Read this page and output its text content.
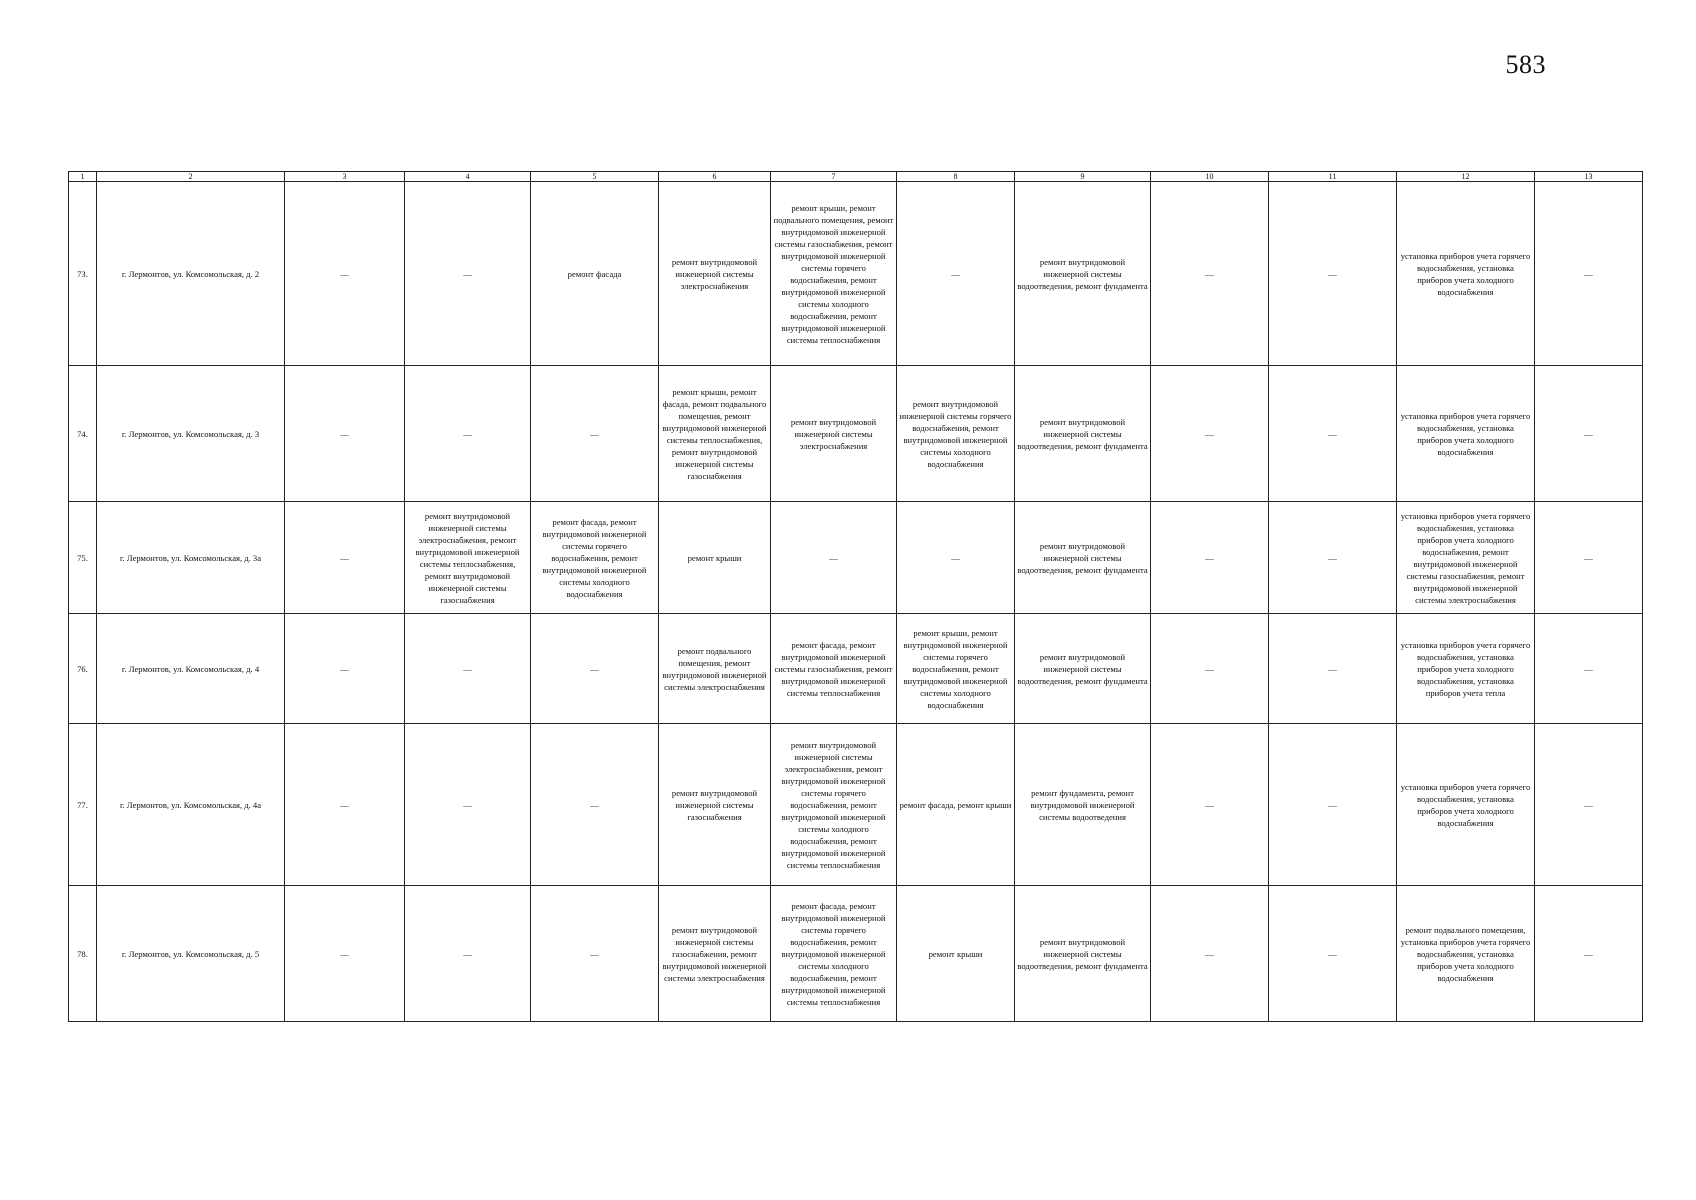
583
1	2	3	4	5	6	7	8	9	10	11	12	13
73.	г. Лермонтов, ул. Комсомольская, д. 2	—	—	ремонт фасада	ремонт внутридомовой инженерной системы электроснабжения	ремонт крыши, ремонт подвального помещения, ремонт внутридомовой инженерной системы газоснабжения, ремонт внутридомовой инженерной системы горячего водоснабжения, ремонт внутридомовой инженерной системы холодного водоснабжения, ремонт внутридомовой инженерной системы теплоснабжения	—	ремонт внутридомовой инженерной системы водоотведения, ремонт фундамента	—	—	установка приборов учета горячего водоснабжения, установка приборов учета холодного водоснабжения	—
74.	г. Лермонтов, ул. Комсомольская, д. 3	—	—	—	ремонт крыши, ремонт фасада, ремонт подвального помещения, ремонт внутридомовой инженерной системы теплоснабжения, ремонт внутридомовой инженерной системы газоснабжения	ремонт внутридомовой инженерной системы электроснабжения	ремонт внутридомовой инженерной системы горячего водоснабжения, ремонт внутридомовой инженерной системы холодного водоснабжения	ремонт внутридомовой инженерной системы водоотведения, ремонт фундамента	—	—	установка приборов учета горячего водоснабжения, установка приборов учета холодного водоснабжения	—
75.	г. Лермонтов, ул. Комсомольская, д. 3а	—	ремонт внутридомовой инженерной системы электроснабжения, ремонт внутридомовой инженерной системы теплоснабжения, ремонт внутридомовой инженерной системы газоснабжения	ремонт фасада, ремонт внутридомовой инженерной системы горячего водоснабжения, ремонт внутридомовой инженерной системы холодного водоснабжения	ремонт крыши	—	—	ремонт внутридомовой инженерной системы водоотведения, ремонт фундамента	—	—	установка приборов учета горячего водоснабжения, установка приборов учета холодного водоснабжения, ремонт внутридомовой инженерной системы газоснабжения, ремонт внутридомовой инженерной системы электроснабжения	—
76.	г. Лермонтов, ул. Комсомольская, д. 4	—	—	—	ремонт подвального помещения, ремонт внутридомовой инженерной системы электроснабжения	ремонт фасада, ремонт внутридомовой инженерной системы газоснабжения, ремонт внутридомовой инженерной системы теплоснабжения	ремонт крыши, ремонт внутридомовой инженерной системы горячего водоснабжения, ремонт внутридомовой инженерной системы холодного водоснабжения	ремонт внутридомовой инженерной системы водоотведения, ремонт фундамента	—	—	установка приборов учета горячего водоснабжения, установка приборов учета холодного водоснабжения, установка приборов учета тепла	—
77.	г. Лермонтов, ул. Комсомольская, д. 4а	—	—	—	ремонт внутридомовой инженерной системы газоснабжения	ремонт внутридомовой инженерной системы электроснабжения, ремонт внутридомовой инженерной системы горячего водоснабжения, ремонт внутридомовой инженерной системы холодного водоснабжения, ремонт внутридомовой инженерной системы теплоснабжения	ремонт фасада, ремонт крыши	ремонт фундамента, ремонт внутридомовой инженерной системы водоотведения	—	—	установка приборов учета горячего водоснабжения, установка приборов учета холодного водоснабжения	—
78.	г. Лермонтов, ул. Комсомольская, д. 5	—	—	—	ремонт внутридомовой инженерной системы газоснабжения, ремонт внутридомовой инженерной системы электроснабжения	ремонт фасада, ремонт внутридомовой инженерной системы горячего водоснабжения, ремонт внутридомовой инженерной системы холодного водоснабжения, ремонт внутридомовой инженерной системы теплоснабжения	ремонт крыши	ремонт внутридомовой инженерной системы водоотведения, ремонт фундамента	—	—	ремонт подвального помещения, установка приборов учета горячего водоснабжения, установка приборов учета холодного водоснабжения	—
